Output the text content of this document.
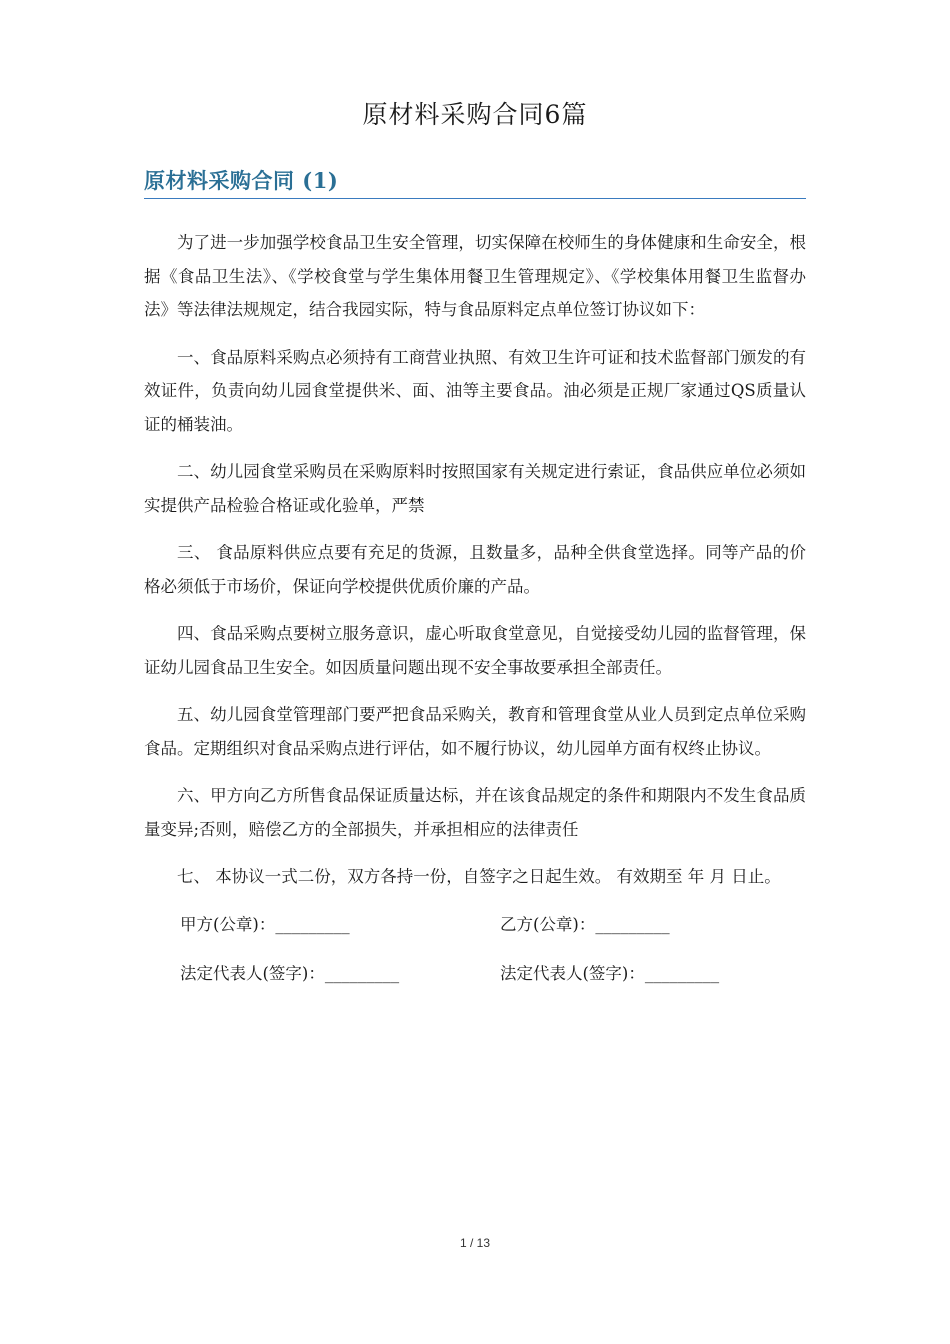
原材料采购合同6篇
原材料采购合同 (1)

为了进一步加强学校食品卫生安全管理，切实保障在校师生的身体健康和生命安全，根据《食品卫生法》、《学校食堂与学生集体用餐卫生管理规定》、《学校集体用餐卫生监督办法》等法律法规规定，结合我园实际，特与食品原料定点单位签订协议如下：

一、食品原料采购点必须持有工商营业执照、有效卫生许可证和技术监督部门颁发的有效证件，负责向幼儿园食堂提供米、面、油等主要食品。油必须是正规厂家通过QS质量认证的桶装油。

二、幼儿园食堂采购员在采购原料时按照国家有关规定进行索证，食品供应单位必须如实提供产品检验合格证或化验单，严禁

三、 食品原料供应点要有充足的货源，且数量多，品种全供食堂选择。同等产品的价格必须低于市场价，保证向学校提供优质价廉的产品。

四、食品采购点要树立服务意识，虚心听取食堂意见，自觉接受幼儿园的监督管理，保证幼儿园食品卫生安全。如因质量问题出现不安全事故要承担全部责任。

五、幼儿园食堂管理部门要严把食品采购关，教育和管理食堂从业人员到定点单位采购食品。定期组织对食品采购点进行评估，如不履行协议，幼儿园单方面有权终止协议。

六、甲方向乙方所售食品保证质量达标，并在该食品规定的条件和期限内不发生食品质量变异;否则，赔偿乙方的全部损失，并承担相应的法律责任

七、 本协议一式二份，双方各持一份，自签字之日起生效。 有效期至 年 月 日止。

甲方(公章)：_________	乙方(公章)：_________
法定代表人(签字)：_________	法定代表人(签字)：_________
1 / 13
